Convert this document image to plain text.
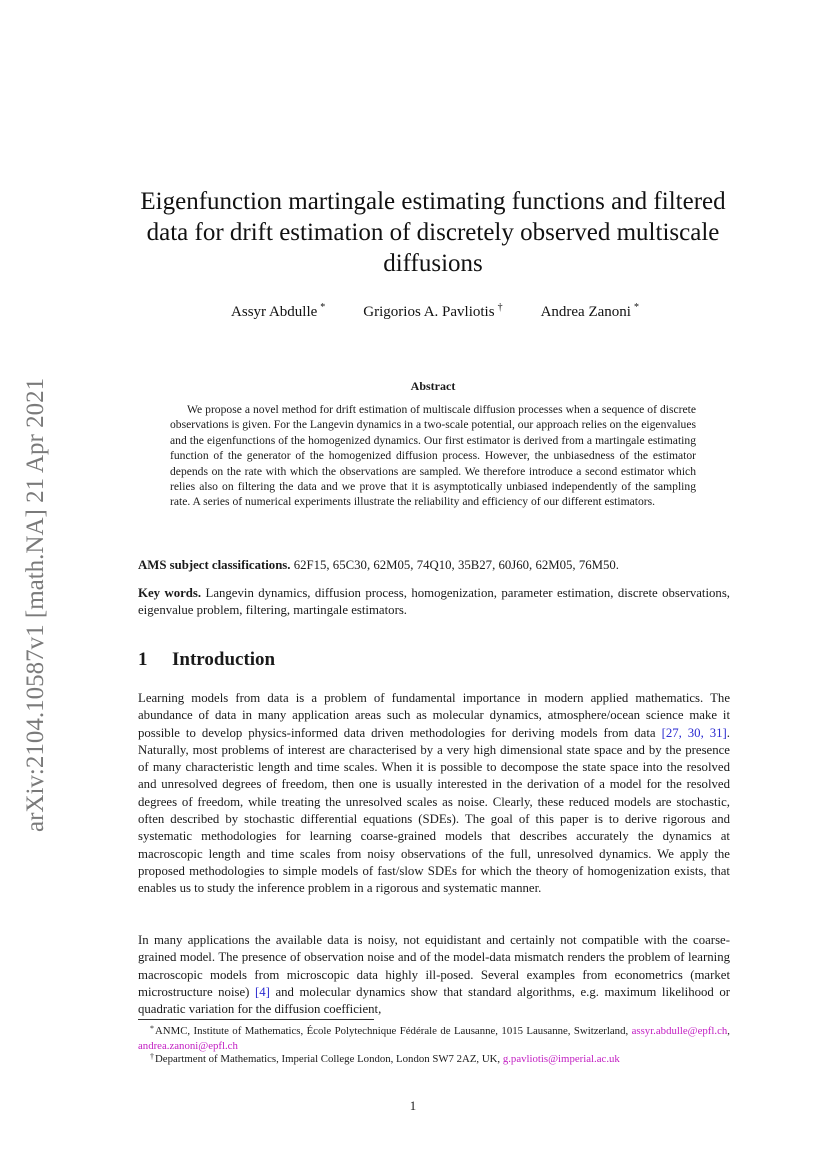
arXiv:2104.10587v1 [math.NA] 21 Apr 2021
Eigenfunction martingale estimating functions and filtered data for drift estimation of discretely observed multiscale diffusions
Assyr Abdulle *	Grigorios A. Pavliotis †	Andrea Zanoni *
Abstract

We propose a novel method for drift estimation of multiscale diffusion processes when a sequence of discrete observations is given. For the Langevin dynamics in a two-scale potential, our approach relies on the eigenvalues and the eigenfunctions of the homogenized dynamics. Our first estimator is derived from a martingale estimating function of the generator of the homogenized diffusion process. However, the unbiasedness of the estimator depends on the rate with which the observations are sampled. We therefore introduce a second estimator which relies also on filtering the data and we prove that it is asymptotically unbiased independently of the sampling rate. A series of numerical experiments illustrate the reliability and efficiency of our different estimators.

AMS subject classifications. 62F15, 65C30, 62M05, 74Q10, 35B27, 60J60, 62M05, 76M50.

Key words. Langevin dynamics, diffusion process, homogenization, parameter estimation, discrete observations, eigenvalue problem, filtering, martingale estimators.

1 Introduction

Learning models from data is a problem of fundamental importance in modern applied mathematics. The abundance of data in many application areas such as molecular dynamics, atmosphere/ocean science make it possible to develop physics-informed data driven methodologies for deriving models from data [27, 30, 31]. Naturally, most problems of interest are characterised by a very high dimensional state space and by the presence of many characteristic length and time scales. When it is possible to decompose the state space into the resolved and unresolved degrees of freedom, then one is usually interested in the derivation of a model for the resolved degrees of freedom, while treating the unresolved scales as noise. Clearly, these reduced models are stochastic, often described by stochastic differential equations (SDEs). The goal of this paper is to derive rigorous and systematic methodologies for learning coarse-grained models that describes accurately the dynamics at macroscopic length and time scales from noisy observations of the full, unresolved dynamics. We apply the proposed methodologies to simple models of fast/slow SDEs for which the theory of homogenization exists, that enables us to study the inference problem in a rigorous and systematic manner.

In many applications the available data is noisy, not equidistant and certainly not compatible with the coarse-grained model. The presence of observation noise and of the model-data mismatch renders the problem of learning macroscopic models from microscopic data highly ill-posed. Several examples from econometrics (market microstructure noise) [4] and molecular dynamics show that standard algorithms, e.g. maximum likelihood or quadratic variation for the diffusion coefficient,

*ANMC, Institute of Mathematics, École Polytechnique Fédérale de Lausanne, 1015 Lausanne, Switzerland, assyr.abdulle@epfl.ch, andrea.zanoni@epfl.ch

†Department of Mathematics, Imperial College London, London SW7 2AZ, UK, g.pavliotis@imperial.ac.uk

1
